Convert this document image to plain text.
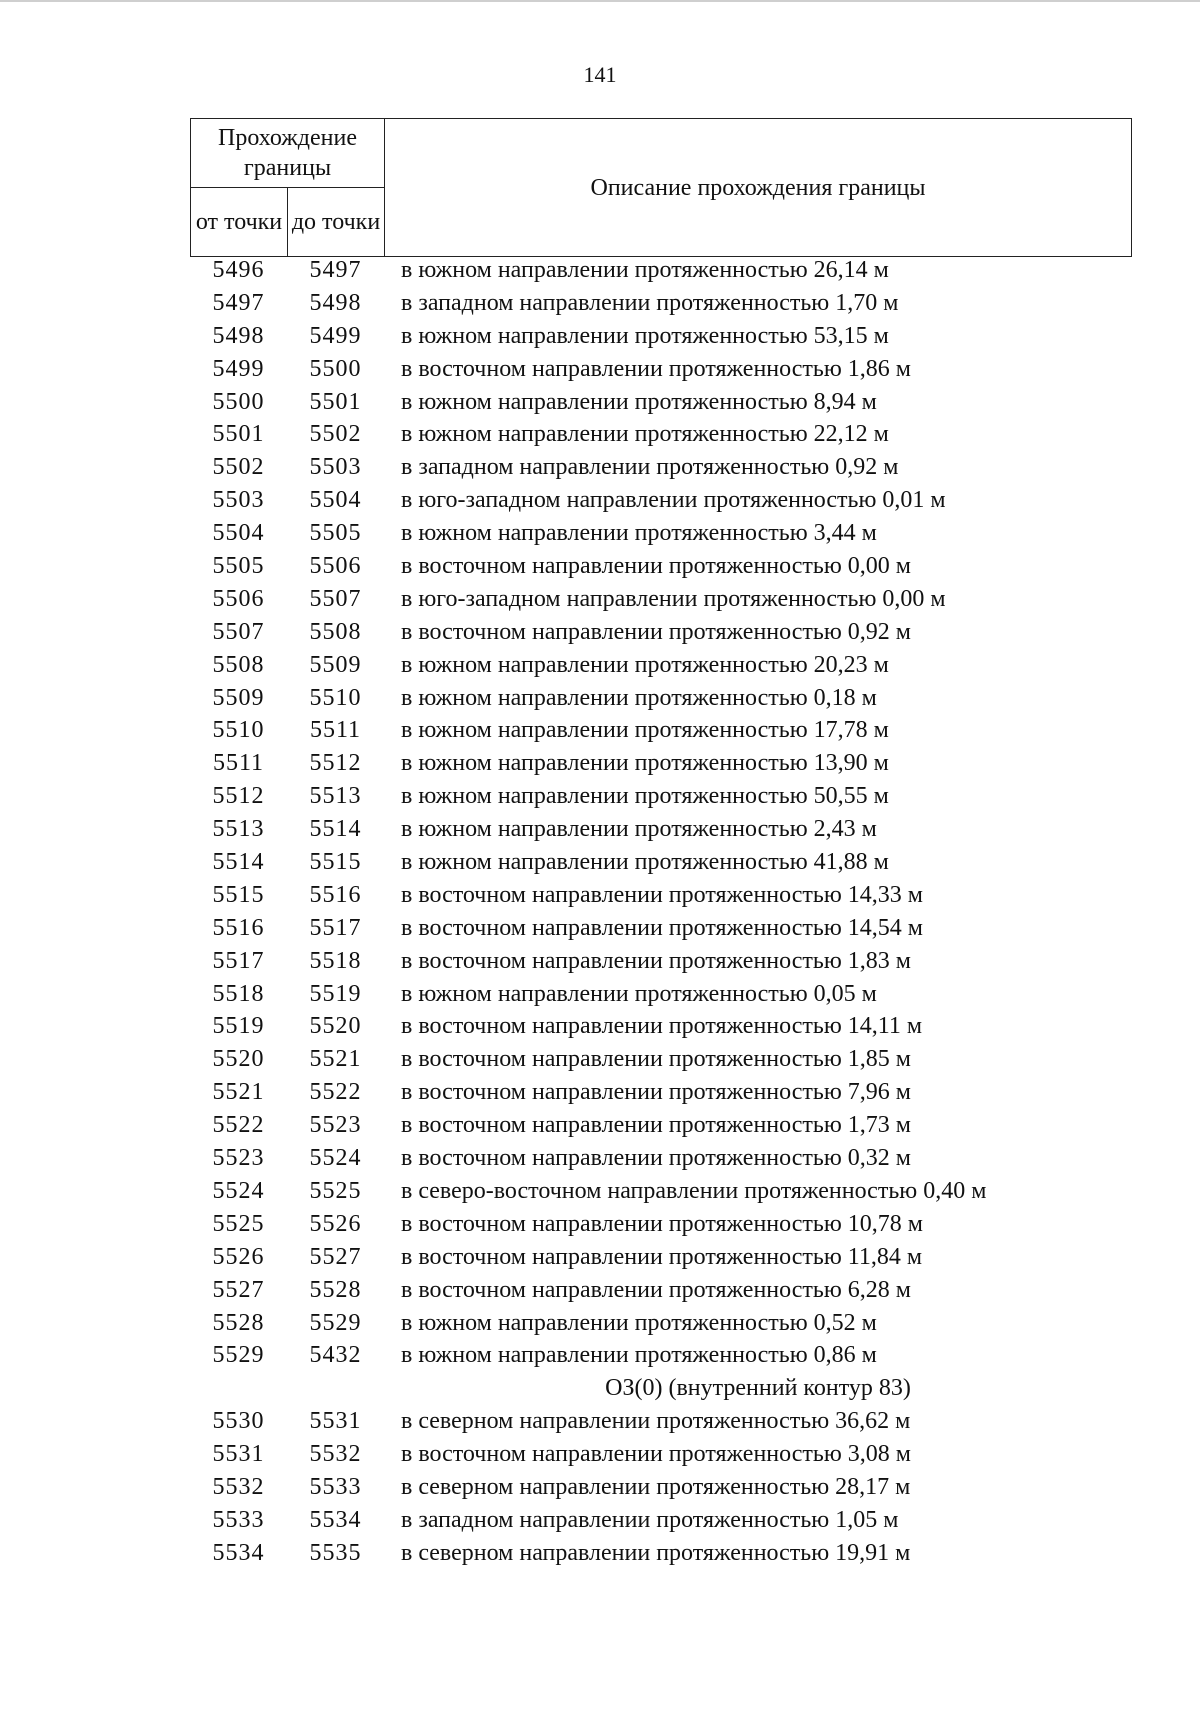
141
Прохождение границы		Описание прохождения границы
от точки	до точки	
5496	5497	в южном направлении протяженностью 26,14 м
5497	5498	в западном направлении протяженностью 1,70 м
5498	5499	в южном направлении протяженностью 53,15 м
5499	5500	в восточном направлении протяженностью 1,86 м
5500	5501	в южном направлении протяженностью 8,94 м
5501	5502	в южном направлении протяженностью 22,12 м
5502	5503	в западном направлении протяженностью 0,92 м
5503	5504	в юго-западном направлении протяженностью 0,01 м
5504	5505	в южном направлении протяженностью 3,44 м
5505	5506	в восточном направлении протяженностью 0,00 м
5506	5507	в юго-западном направлении протяженностью 0,00 м
5507	5508	в восточном направлении протяженностью 0,92 м
5508	5509	в южном направлении протяженностью 20,23 м
5509	5510	в южном направлении протяженностью 0,18 м
5510	5511	в южном направлении протяженностью 17,78 м
5511	5512	в южном направлении протяженностью 13,90 м
5512	5513	в южном направлении протяженностью 50,55 м
5513	5514	в южном направлении протяженностью 2,43 м
5514	5515	в южном направлении протяженностью 41,88 м
5515	5516	в восточном направлении протяженностью 14,33 м
5516	5517	в восточном направлении протяженностью 14,54 м
5517	5518	в восточном направлении протяженностью 1,83 м
5518	5519	в южном направлении протяженностью 0,05 м
5519	5520	в восточном направлении протяженностью 14,11 м
5520	5521	в восточном направлении протяженностью 1,85 м
5521	5522	в восточном направлении протяженностью 7,96 м
5522	5523	в восточном направлении протяженностью 1,73 м
5523	5524	в восточном направлении протяженностью 0,32 м
5524	5525	в северо-восточном направлении протяженностью 0,40 м
5525	5526	в восточном направлении протяженностью 10,78 м
5526	5527	в восточном направлении протяженностью 11,84 м
5527	5528	в восточном направлении протяженностью 6,28 м
5528	5529	в южном направлении протяженностью 0,52 м
5529	5432	в южном направлении протяженностью 0,86 м
ОЗ(0) (внутренний контур 83)
5530	5531	в северном направлении протяженностью 36,62 м
5531	5532	в восточном направлении протяженностью 3,08 м
5532	5533	в северном направлении протяженностью 28,17 м
5533	5534	в западном направлении протяженностью 1,05 м
5534	5535	в северном направлении протяженностью 19,91 м
